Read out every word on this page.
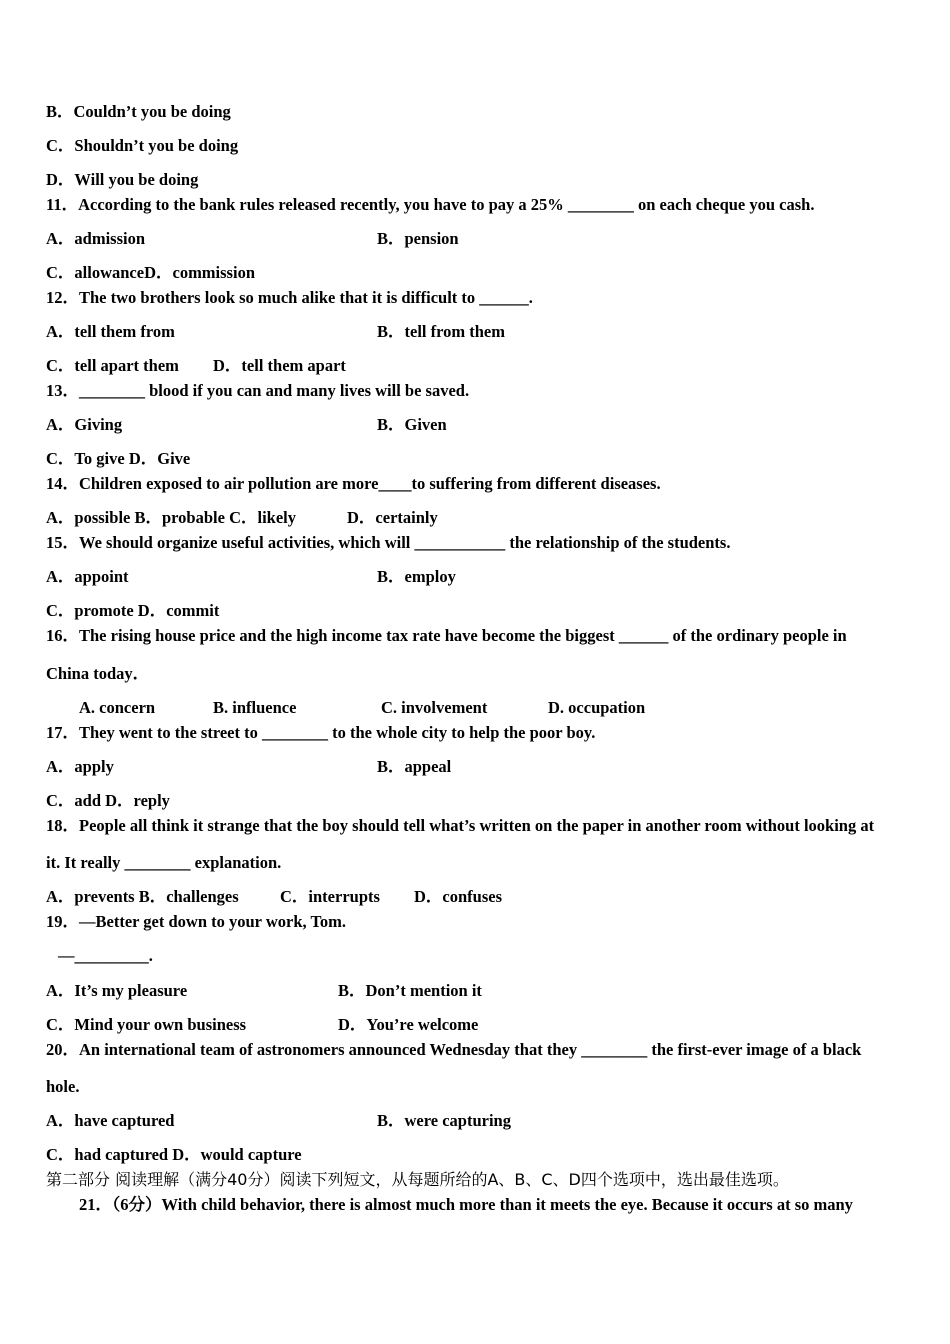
B．Couldn’t you be doing
C．Shouldn’t you be doing
D．Will you be doing
11．According to the bank rules released recently, you have to pay a 25% ________ on each cheque you cash.
A．admission	B．pension
C．allowanceD．commission
12．The two brothers look so much alike that it is difficult to ______.
A．tell them from	B．tell from them
C．tell apart them D．tell them apart
13．________ blood if you can and many lives will be saved.
A．Giving	B．Given
C．To give D．Give
14．Children exposed to air pollution are more____to suffering from different diseases.
A．possible B．probable C．likely	D．certainly
15．We should organize useful activities, which will ___________ the relationship of the students.
A．appoint	B．employ
C．promote D．commit
16．The rising house price and the high income tax rate have become the biggest ______ of the ordinary people in
China today．
A. concern	B. influence	C. involvement	D. occupation
17．They went to the street to ________ to the whole city to help the poor boy.
A．apply	B．appeal
C．add D．reply
18．People all think it strange that the boy should tell what’s written on the paper in another room without looking at
it. It really ________ explanation.
A．prevents B．challenges	C．interrupts D．confuses
19．—Better get down to your work, Tom.
—_________.
A．It’s my pleasure	B．Don’t mention it
C．Mind your own business	D．You’re welcome
20．An international team of astronomers announced Wednesday that they ________ the first-ever image of a black
hole.
A．have captured	B．were capturing
C．had captured D．would capture
第二部分 阅读理解（满分40分）阅读下列短文，从每题所给的A、B、C、D四个选项中，选出最佳选项。
21．（6分）With child behavior, there is almost much more than it meets the eye. Because it occurs at so many
